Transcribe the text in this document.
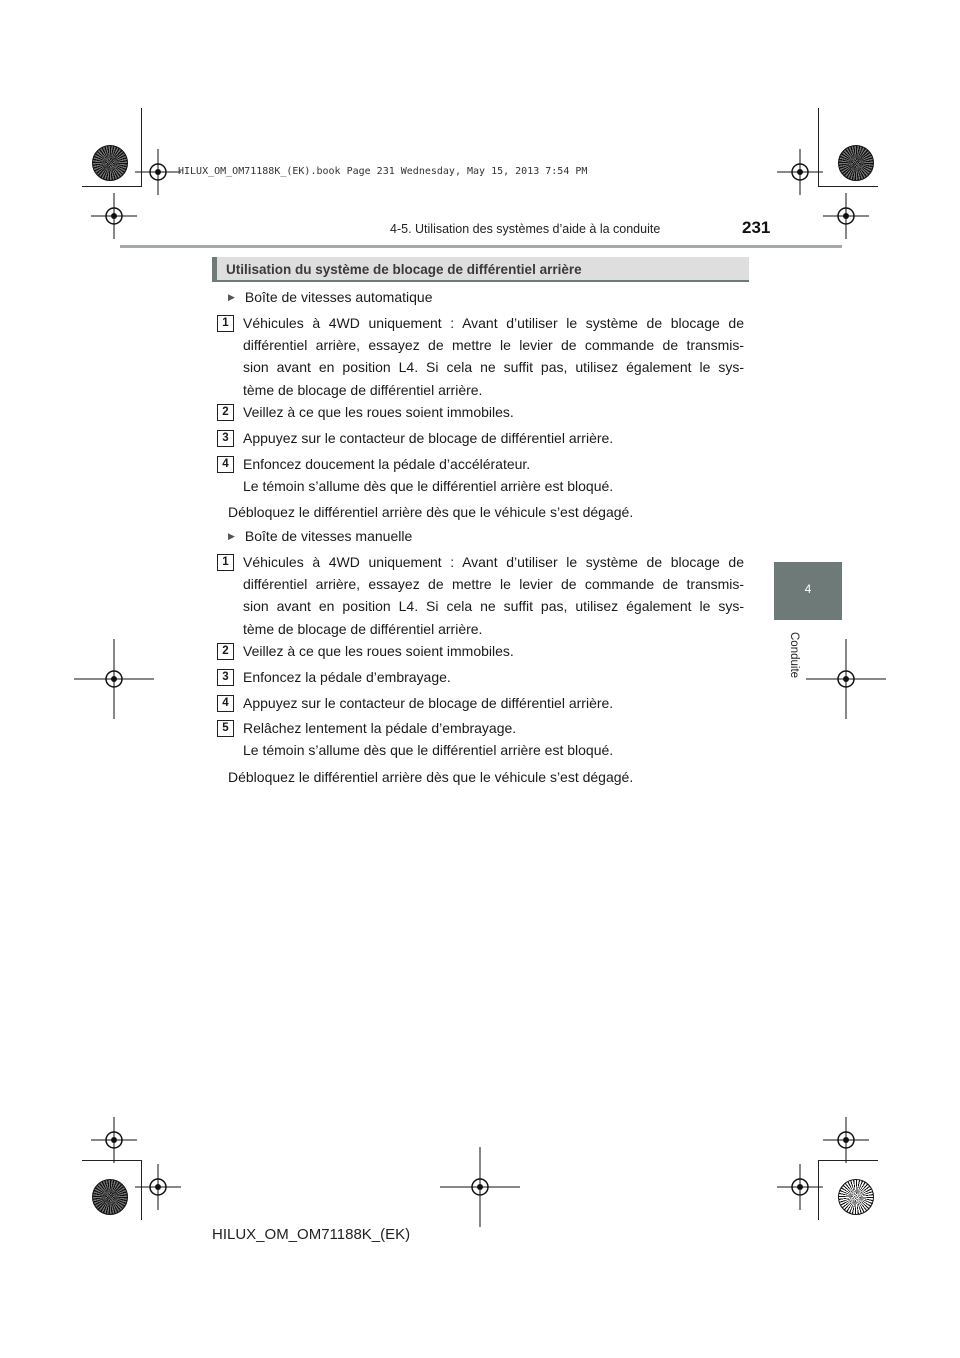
HILUX_OM_OM71188K_(EK).book Page 231 Wednesday, May 15, 2013 7:54 PM
4-5. Utilisation des systèmes d’aide à la conduite	231
4
Conduite
Utilisation du système de blocage de différentiel arrière
▶ Boîte de vitesses automatique
1	Véhicules à 4WD uniquement : Avant d’utiliser le système de blocage de
différentiel arrière, essayez de mettre le levier de commande de transmis-
sion avant en position L4. Si cela ne suffit pas, utilisez également le sys-
tème de blocage de différentiel arrière.
2	Veillez à ce que les roues soient immobiles.
3	Appuyez sur le contacteur de blocage de différentiel arrière.
4	Enfoncez doucement la pédale d’accélérateur.
Le témoin s’allume dès que le différentiel arrière est bloqué.
Débloquez le différentiel arrière dès que le véhicule s’est dégagé.
▶ Boîte de vitesses manuelle
1	Véhicules à 4WD uniquement : Avant d’utiliser le système de blocage de
différentiel arrière, essayez de mettre le levier de commande de transmis-
sion avant en position L4. Si cela ne suffit pas, utilisez également le sys-
tème de blocage de différentiel arrière.
2	Veillez à ce que les roues soient immobiles.
3	Enfoncez la pédale d’embrayage.
4	Appuyez sur le contacteur de blocage de différentiel arrière.
5	Relâchez lentement la pédale d’embrayage.
Le témoin s’allume dès que le différentiel arrière est bloqué.
Débloquez le différentiel arrière dès que le véhicule s’est dégagé.
HILUX_OM_OM71188K_(EK)
